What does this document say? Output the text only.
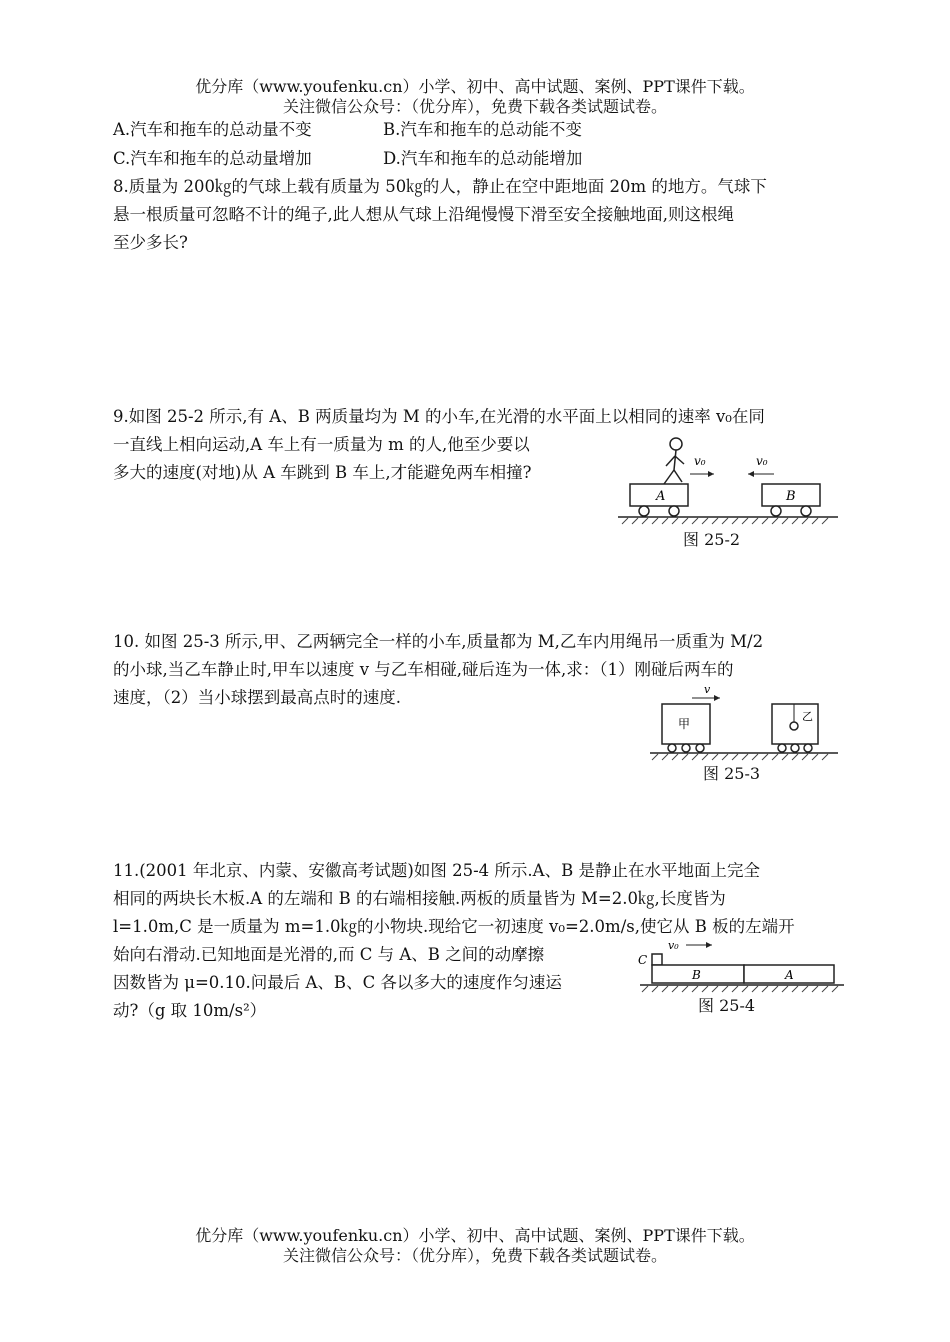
优分库（www.youfenku.cn）小学、初中、高中试题、案例、PPT课件下载。
关注微信公众号：（优分库），免费下载各类试题试卷。
A.汽车和拖车的总动量不变	B.汽车和拖车的总动能不变
C.汽车和拖车的总动量增加	D.汽车和拖车的总动能增加
8.质量为 200㎏的气球上载有质量为 50㎏的人，静止在空中距地面 20m 的地方。气球下
悬一根质量可忽略不计的绳子,此人想从气球上沿绳慢慢下滑至安全接触地面,则这根绳
至少多长?
9.如图 25-2 所示,有 A、B 两质量均为 M 的小车,在光滑的水平面上以相同的速率 v₀在同
一直线上相向运动,A 车上有一质量为 m 的人,他至少要以
多大的速度(对地)从 A 车跳到 B 车上,才能避免两车相撞?
v₀	v₀
A	B
图 25-2
10. 如图 25-3 所示,甲、乙两辆完全一样的小车,质量都为 M,乙车内用绳吊一质重为 M/2
的小球,当乙车静止时,甲车以速度 v 与乙车相碰,碰后连为一体,求：（1）刚碰后两车的
速度，（2）当小球摆到最高点时的速度.	v
甲
乙
图 25-3
11.(2001 年北京、内蒙、安徽高考试题)如图 25-4 所示.A、B 是静止在水平地面上完全
相同的两块长木板.A 的左端和 B 的右端相接触.两板的质量皆为 M=2.0㎏,长度皆为
l=1.0m,C 是一质量为 m=1.0㎏的小物块.现给它一初速度 v₀=2.0m/s,使它从 B 板的左端开
始向右滑动.已知地面是光滑的,而 C 与 A、B 之间的动摩擦
因数皆为 μ=0.10.问最后 A、B、C 各以多大的速度作匀速运
动?（g 取 10m/s²）
C
v₀
B	A
图 25-4
优分库（www.youfenku.cn）小学、初中、高中试题、案例、PPT课件下载。
关注微信公众号：（优分库），免费下载各类试题试卷。
